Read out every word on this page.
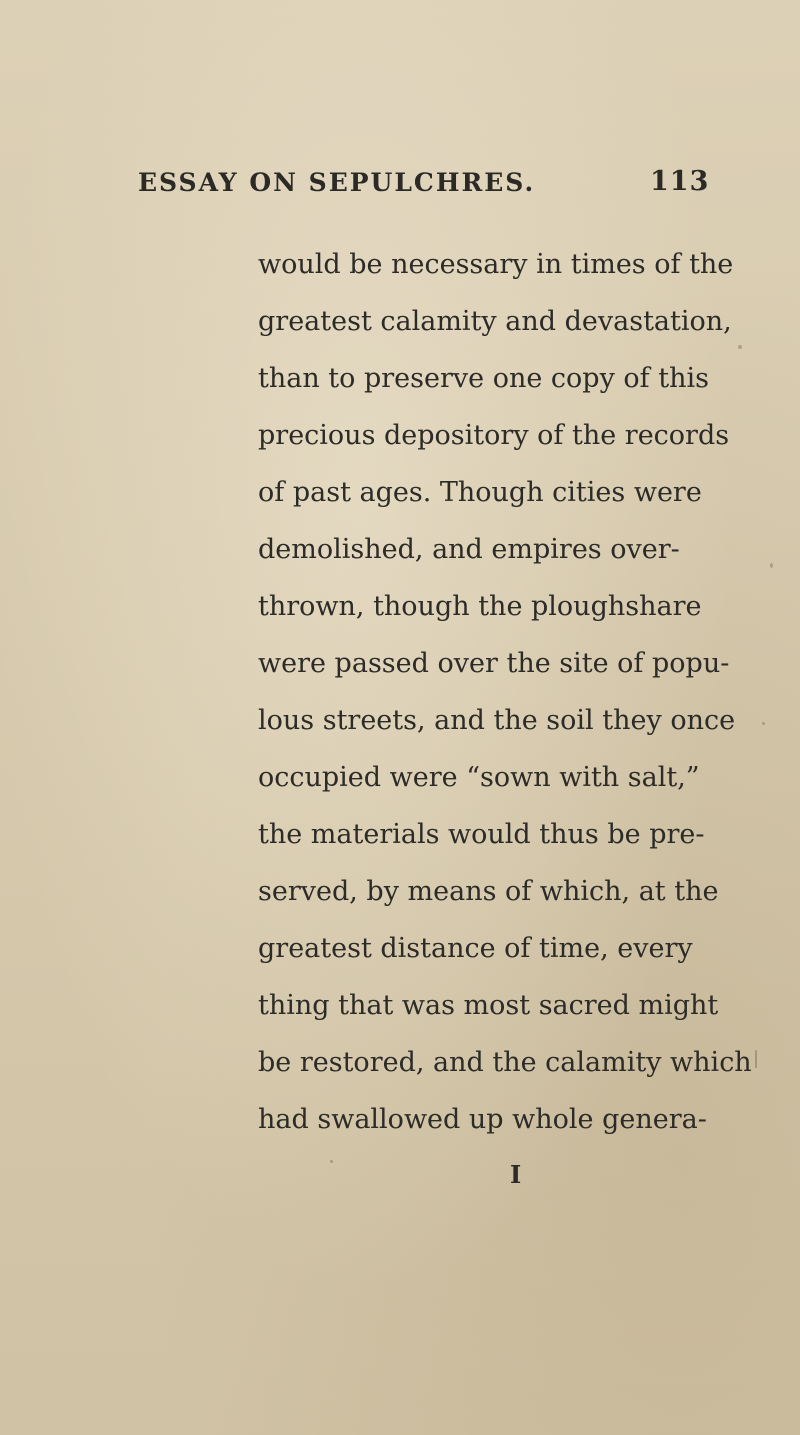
ESSAY ON SEPULCHRES.	113
would be necessary in times of the
greatest calamity and devastation,
than to preserve one copy of this
precious depository of the records
of past ages. Though cities were
demolished, and empires over-
thrown, though the ploughshare
were passed over the site of popu-
lous streets, and the soil they once
occupied were “sown with salt,”
the materials would thus be pre-
served, by means of which, at the
greatest distance of time, every
thing that was most sacred might
be restored, and the calamity which
had swallowed up whole genera-
I
